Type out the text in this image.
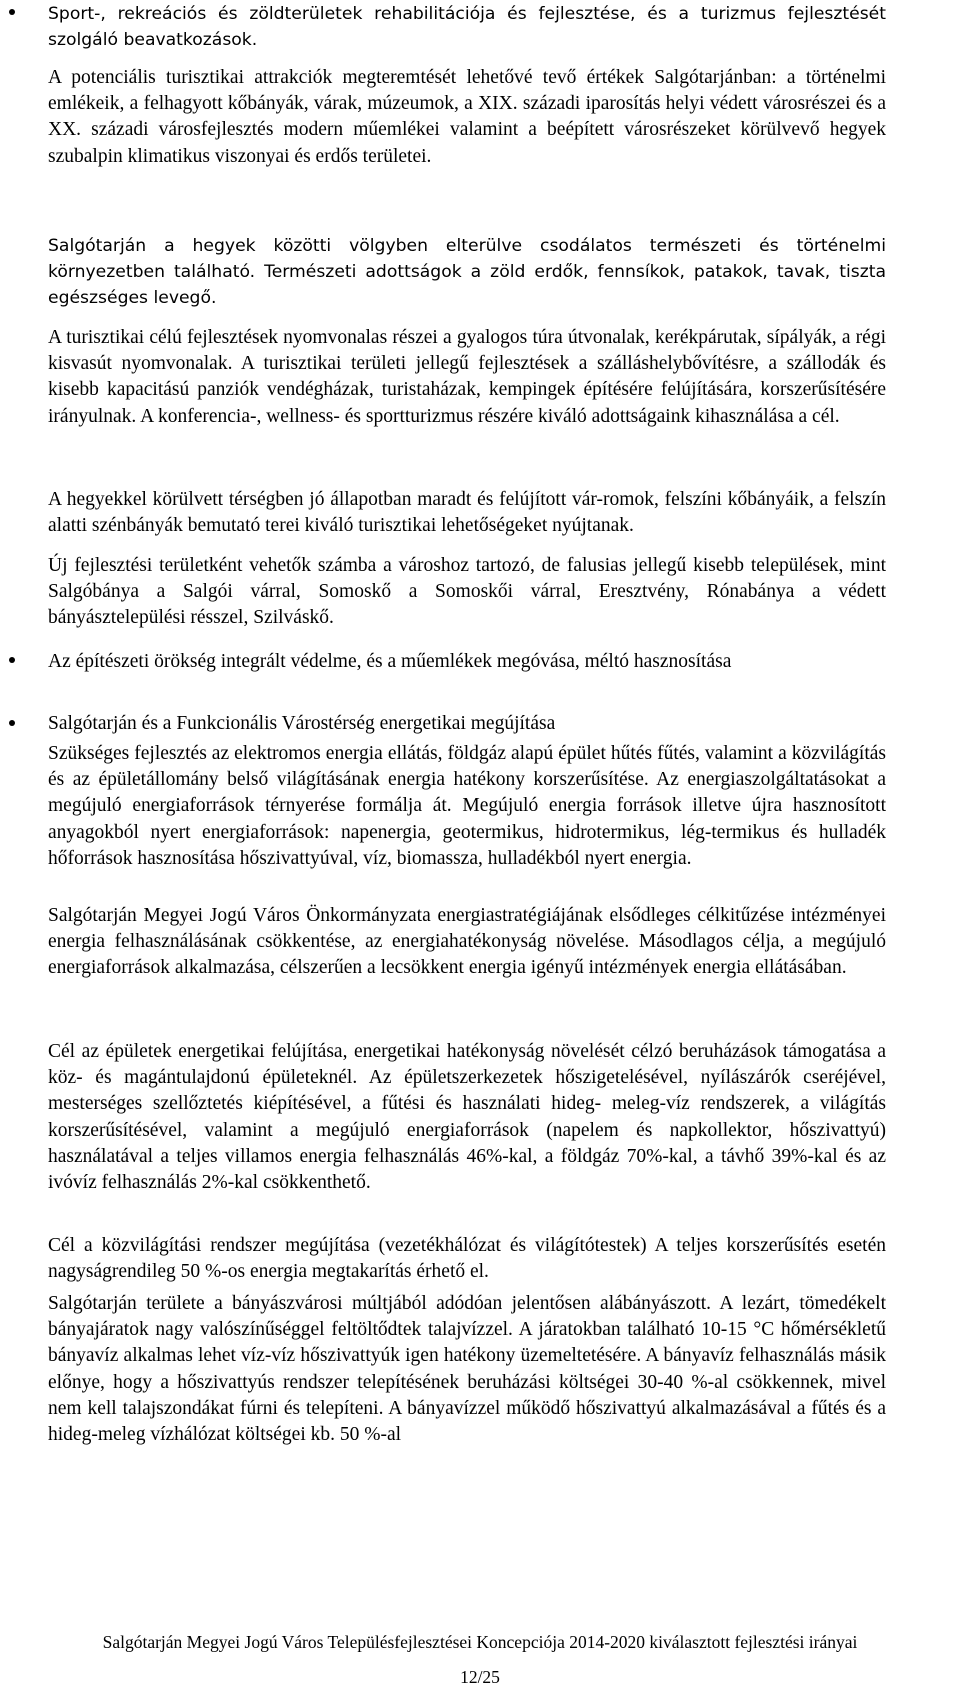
Sport-, rekreációs és zöldterületek rehabilitációja és fejlesztése, és a turizmus fejlesztését szolgáló beavatkozások.

A potenciális turisztikai attrakciók megteremtését lehetővé tevő értékek Salgótarjánban: a történelmi emlékeik, a felhagyott kőbányák, várak, múzeumok, a XIX. századi iparosítás helyi védett városrészei és a XX. századi városfejlesztés modern műemlékei valamint a beépített városrészeket körülvevő hegyek szubalpin klimatikus viszonyai és erdős területei.

Salgótarján a hegyek közötti völgyben elterülve csodálatos természeti és történelmi környezetben található. Természeti adottságok a zöld erdők, fennsíkok, patakok, tavak, tiszta egészséges levegő.

A turisztikai célú fejlesztések nyomvonalas részei a gyalogos túra útvonalak, kerékpárutak, sípályák, a régi kisvasút nyomvonalak. A turisztikai területi jellegű fejlesztések a szálláshelybővítésre, a szállodák és kisebb kapacitású panziók vendégházak, turistaházak, kempingek építésére felújítására, korszerűsítésére irányulnak. A konferencia-, wellness- és sportturizmus részére kiváló adottságaink kihasználása a cél.

A hegyekkel körülvett térségben jó állapotban maradt és felújított vár-romok, felszíni kőbányáik, a felszín alatti szénbányák bemutató terei kiváló turisztikai lehetőségeket nyújtanak.

Új fejlesztési területként vehetők számba a városhoz tartozó, de falusias jellegű kisebb települések, mint Salgóbánya a Salgói várral, Somoskő a Somoskői várral, Eresztvény, Rónabánya a védett bányásztelepülési résszel, Szilváskő.

Az építészeti örökség integrált védelme, és a műemlékek megóvása, méltó hasznosítása

Salgótarján és a Funkcionális Várostérség energetikai megújítása

Szükséges fejlesztés az elektromos energia ellátás, földgáz alapú épület hűtés fűtés, valamint a közvilágítás és az épületállomány belső világításának energia hatékony korszerűsítése. Az energiaszolgáltatásokat a megújuló energiaforrások térnyerése formálja át. Megújuló energia források illetve újra hasznosított anyagokból nyert energiaforrások: napenergia, geotermikus, hidrotermikus, lég-termikus és hulladék hőforrások hasznosítása hőszivattyúval, víz, biomassza, hulladékból nyert energia.

Salgótarján Megyei Jogú Város Önkormányzata energiastratégiájának elsődleges célkitűzése intézményei energia felhasználásának csökkentése, az energiahatékonyság növelése. Másodlagos célja, a megújuló energiaforrások alkalmazása, célszerűen a lecsökkent energia igényű intézmények energia ellátásában.

Cél az épületek energetikai felújítása, energetikai hatékonyság növelését célzó beruházások támogatása a köz- és magántulajdonú épületeknél. Az épületszerkezetek hőszigetelésével, nyílászárók cseréjével, mesterséges szellőztetés kiépítésével, a fűtési és használati hideg- meleg-víz rendszerek, a világítás korszerűsítésével, valamint a megújuló energiaforrások (napelem és napkollektor, hőszivattyú) használatával a teljes villamos energia felhasználás 46%-kal, a földgáz 70%-kal, a távhő 39%-kal és az ivóvíz felhasználás 2%-kal csökkenthető.

Cél a közvilágítási rendszer megújítása (vezetékhálózat és világítótestek) A teljes korszerűsítés esetén nagyságrendileg 50 %-os energia megtakarítás érhető el.

Salgótarján területe a bányászvárosi múltjából adódóan jelentősen alábányászott. A lezárt, tömedékelt bányajáratok nagy valószínűséggel feltöltődtek talajvízzel. A járatokban található 10-15 °C hőmérsékletű bányavíz alkalmas lehet víz-víz hőszivattyúk igen hatékony üzemeltetésére. A bányavíz felhasználás másik előnye, hogy a hőszivattyús rendszer telepítésének beruházási költségei 30-40 %-al csökkennek, mivel nem kell talajszondákat fúrni és telepíteni. A bányavízzel működő hőszivattyú alkalmazásával a fűtés és a hideg-meleg vízhálózat költségei kb. 50 %-al

Salgótarján Megyei Jogú Város Településfejlesztései Koncepciója 2014-2020 kiválasztott fejlesztési irányai

12/25
